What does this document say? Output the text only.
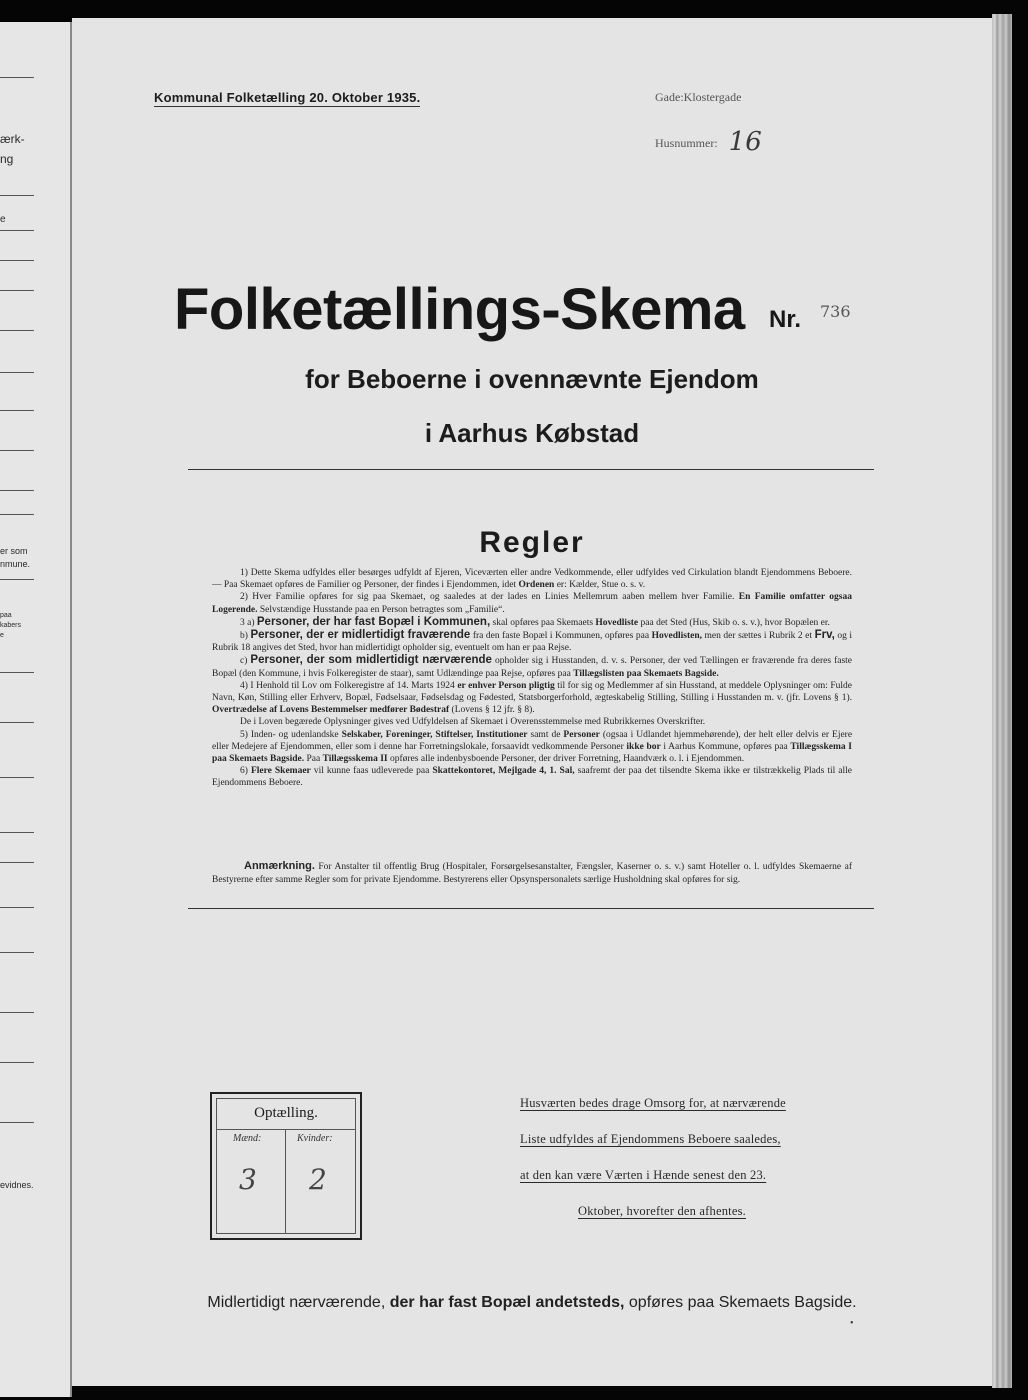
ærk-
ng
e
er som
nmune.
paa
kabers
e
evidnes.
Kommunal Folketælling 20. Oktober 1935.	Gade:Klostergade
Husnummer: 16
Folketællings-Skema Nr. 736
for Beboerne i ovennævnte Ejendom
i Aarhus Købstad
Regler

1) Dette Skema udfyldes eller besørges udfyldt af Ejeren, Viceværten eller andre Vedkommende, eller udfyldes ved Cirkulation blandt Ejendommens Beboere. — Paa Skemaet opføres de Familier og Personer, der findes i Ejendommen, idet Ordenen er: Kælder, Stue o. s. v.

2) Hver Familie opføres for sig paa Skemaet, og saaledes at der lades en Linies Mellemrum aaben mellem hver Familie. En Familie omfatter ogsaa Logerende. Selvstændige Husstande paa en Person betragtes som „Familie“.

3 a) Personer, der har fast Bopæl i Kommunen, skal opføres paa Skemaets Hovedliste paa det Sted (Hus, Skib o. s. v.), hvor Bopælen er.

b) Personer, der er midlertidigt fraværende fra den faste Bopæl i Kommunen, opføres paa Hovedlisten, men der sættes i Rubrik 2 et Frv, og i Rubrik 18 angives det Sted, hvor han midlertidigt opholder sig, eventuelt om han er paa Rejse.

c) Personer, der som midlertidigt nærværende opholder sig i Husstanden, d. v. s. Personer, der ved Tællingen er fraværende fra deres faste Bopæl (den Kommune, i hvis Folkeregister de staar), samt Udlændinge paa Rejse, opføres paa Tillægslisten paa Skemaets Bagside.

4) I Henhold til Lov om Folkeregistre af 14. Marts 1924 er enhver Person pligtig til for sig og Medlemmer af sin Husstand, at meddele Oplysninger om: Fulde Navn, Køn, Stilling eller Erhverv, Bopæl, Fødselsaar, Fødselsdag og Fødested, Statsborgerforhold, ægteskabelig Stilling, Stilling i Husstanden m. v. (jfr. Lovens § 1). Overtrædelse af Lovens Bestemmelser medfører Bødestraf (Lovens § 12 jfr. § 8).

De i Loven begærede Oplysninger gives ved Udfyldelsen af Skemaet i Overensstemmelse med Rubrikkernes Overskrifter.

5) Inden- og udenlandske Selskaber, Foreninger, Stiftelser, Institutioner samt de Personer (ogsaa i Udlandet hjemmehørende), der helt eller delvis er Ejere eller Medejere af Ejendommen, eller som i denne har Forretningslokale, forsaavidt vedkommende Personer ikke bor i Aarhus Kommune, opføres paa Tillægsskema I paa Skemaets Bagside. Paa Tillægsskema II opføres alle indenbysboende Personer, der driver Forretning, Haandværk o. l. i Ejendommen.

6) Flere Skemaer vil kunne faas udleverede paa Skattekontoret, Mejlgade 4, 1. Sal, saafremt der paa det tilsendte Skema ikke er tilstrækkelig Plads til alle Ejendommens Beboere.

Anmærkning. For Anstalter til offentlig Brug (Hospitaler, Forsørgelsesanstalter, Fængsler, Kaserner o. s. v.) samt Hoteller o. l. udfyldes Skemaerne af Bestyrerne efter samme Regler som for private Ejendomme. Bestyrerens eller Opsynspersonalets særlige Husholdning skal opføres for sig.
Optælling.
Mænd:	Kvinder:
3 2
Husværten bedes drage Omsorg for, at nærværende
Liste udfyldes af Ejendommens Beboere saaledes,
at den kan være Værten i Hænde senest den 23.
Oktober, hvorefter den afhentes.
Midlertidigt nærværende, der har fast Bopæl andetsteds, opføres paa Skemaets Bagside.
•
